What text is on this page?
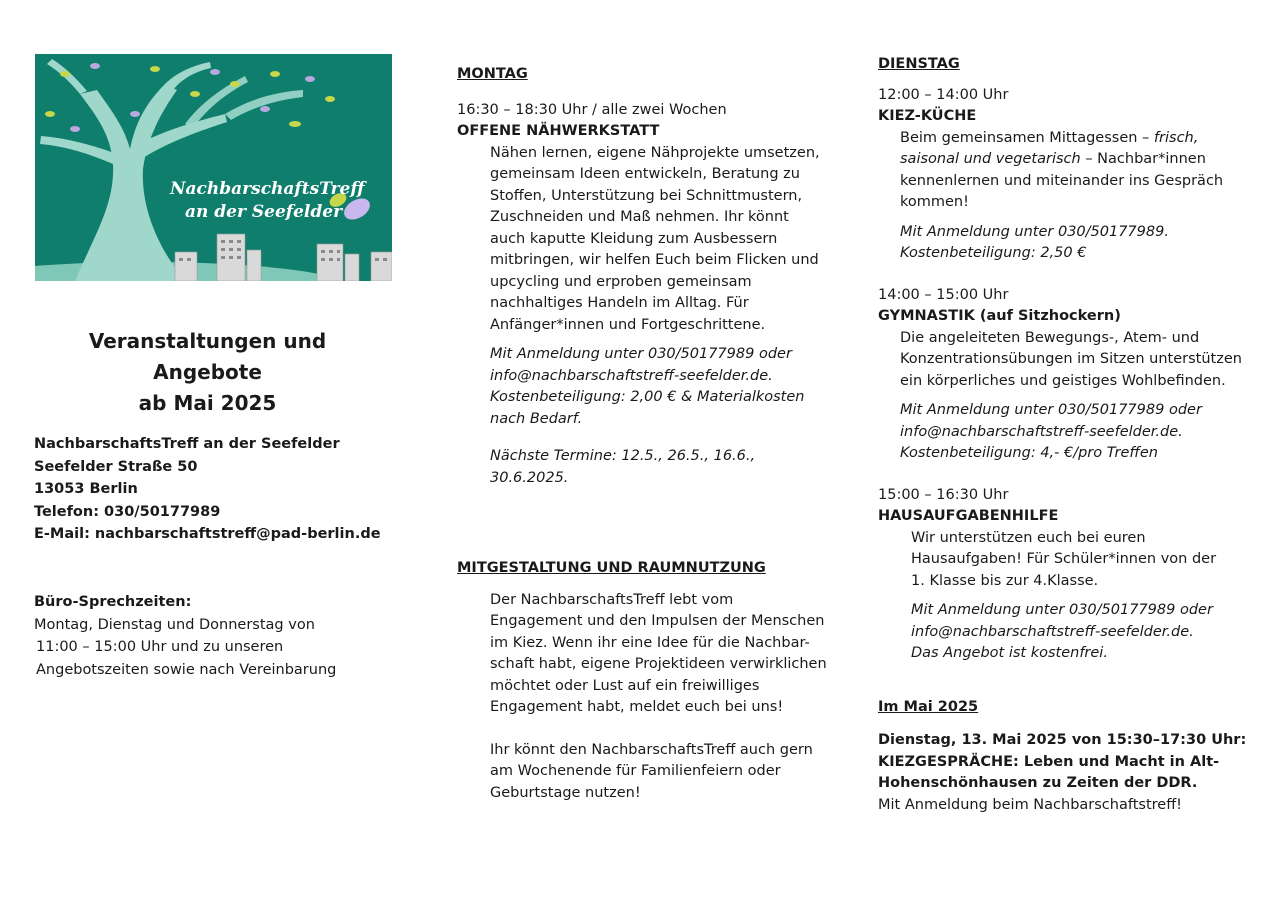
NachbarschaftsTreff
an der Seefelder
Veranstaltungen und Angebote
ab Mai 2025
NachbarschaftsTreff an der Seefelder
Seefelder Straße 50
13053 Berlin
Telefon: 030/50177989
E-Mail: nachbarschaftstreff@pad-berlin.de
Büro-Sprechzeiten:
Montag, Dienstag und Donnerstag von
11:00 – 15:00 Uhr und zu unseren
Angebotszeiten sowie nach Vereinbarung
MONTAG
16:30 – 18:30 Uhr / alle zwei Wochen
OFFENE NÄHWERKSTATT
Nähen lernen, eigene Nähprojekte umsetzen,
gemeinsam Ideen entwickeln, Beratung zu
Stoffen, Unterstützung bei Schnittmustern,
Zuschneiden und Maß nehmen. Ihr könnt
auch kaputte Kleidung zum Ausbessern
mitbringen, wir helfen Euch beim Flicken und
upcycling und erproben gemeinsam
nachhaltiges Handeln im Alltag. Für
Anfänger*innen und Fortgeschrittene.
Mit Anmeldung unter 030/50177989 oder
info@nachbarschaftstreff-seefelder.de.
Kostenbeteiligung: 2,00 € & Materialkosten
nach Bedarf.
Nächste Termine: 12.5., 26.5., 16.6.,
30.6.2025.
MITGESTALTUNG UND RAUMNUTZUNG
Der NachbarschaftsTreff lebt vom
Engagement und den Impulsen der Menschen
im Kiez. Wenn ihr eine Idee für die Nachbar-
schaft habt, eigene Projektideen verwirklichen
möchtet oder Lust auf ein freiwilliges
Engagement habt, meldet euch bei uns!
Ihr könnt den NachbarschaftsTreff auch gern
am Wochenende für Familienfeiern oder
Geburtstage nutzen!
DIENSTAG
12:00 – 14:00 Uhr
KIEZ-KÜCHE
Beim gemeinsamen Mittagessen – frisch,
saisonal und vegetarisch – Nachbar*innen
kennenlernen und miteinander ins Gespräch
kommen!
Mit Anmeldung unter 030/50177989.
Kostenbeteiligung: 2,50 €
14:00 – 15:00 Uhr
GYMNASTIK (auf Sitzhockern)
Die angeleiteten Bewegungs-, Atem- und
Konzentrationsübungen im Sitzen unterstützen
ein körperliches und geistiges Wohlbefinden.
Mit Anmeldung unter 030/50177989 oder
info@nachbarschaftstreff-seefelder.de.
Kostenbeteiligung: 4,- €/pro Treffen
15:00 – 16:30 Uhr
HAUSAUFGABENHILFE
Wir unterstützen euch bei euren
Hausaufgaben! Für Schüler*innen von der
1. Klasse bis zur 4.Klasse.
Mit Anmeldung unter 030/50177989 oder
info@nachbarschaftstreff-seefelder.de.
Das Angebot ist kostenfrei.
Im Mai 2025
Dienstag, 13. Mai 2025 von 15:30–17:30 Uhr:
KIEZGESPRÄCHE: Leben und Macht in Alt-
Hohenschönhausen zu Zeiten der DDR.
Mit Anmeldung beim Nachbarschaftstreff!
